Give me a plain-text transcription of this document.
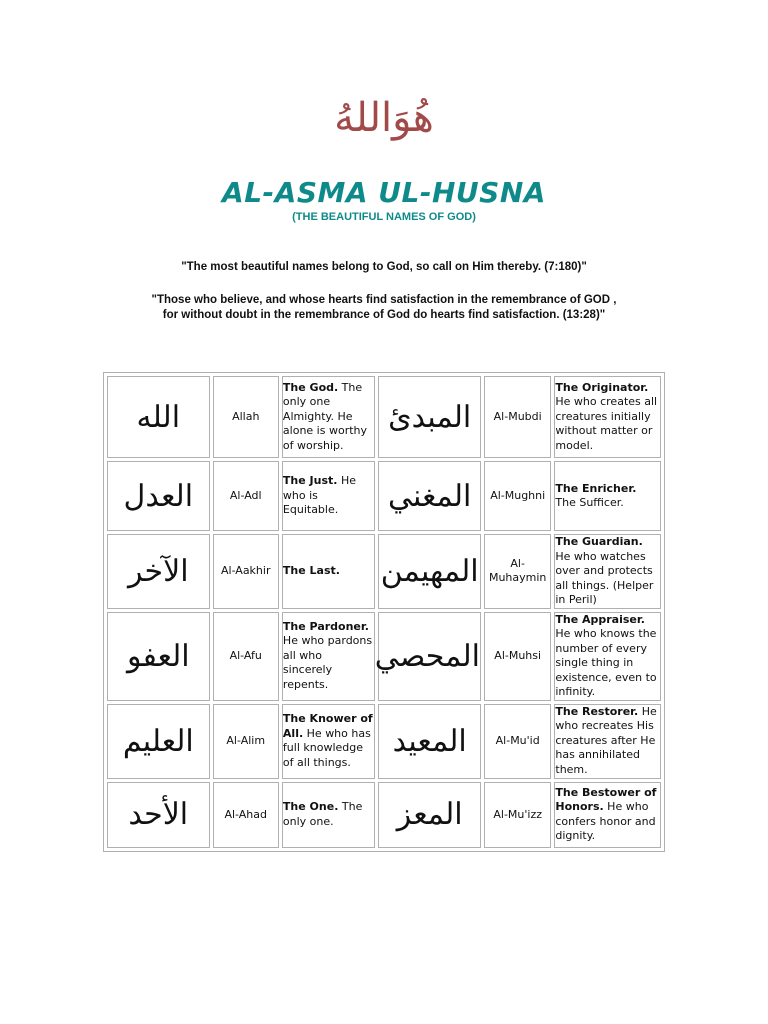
هُوَاللهُ
AL-ASMA UL-HUSNA
(THE BEAUTIFUL NAMES OF GOD)
"The most beautiful names belong to God, so call on Him thereby. (7:180)"
"Those who believe, and whose hearts find satisfaction in the remembrance of GOD ,
for without doubt in the remembrance of God do hearts find satisfaction. (13:28)"
الله	Allah	The God. The only one Almighty. He alone is worthy of worship.	المبدئ	Al-Mubdi	The Originator. He who creates all creatures initially without matter or model.
العدل	Al-Adl	The Just. He who is Equitable.	المغني	Al-Mughni	The Enricher. The Sufficer.
الآخر	Al-Aakhir	The Last.	المهيمن	Al-Muhaymin	The Guardian. He who watches over and protects all things. (Helper in Peril)
العفو	Al-Afu	The Pardoner. He who pardons all who sincerely repents.	المحصي	Al-Muhsi	The Appraiser. He who knows the number of every single thing in existence, even to infinity.
العليم	Al-Alim	The Knower of All. He who has full knowledge of all things.	المعيد	Al-Mu'id	The Restorer. He who recreates His creatures after He has annihilated them.
الأحد	Al-Ahad	The One. The only one.	المعز	Al-Mu'izz	The Bestower of Honors. He who confers honor and dignity.
